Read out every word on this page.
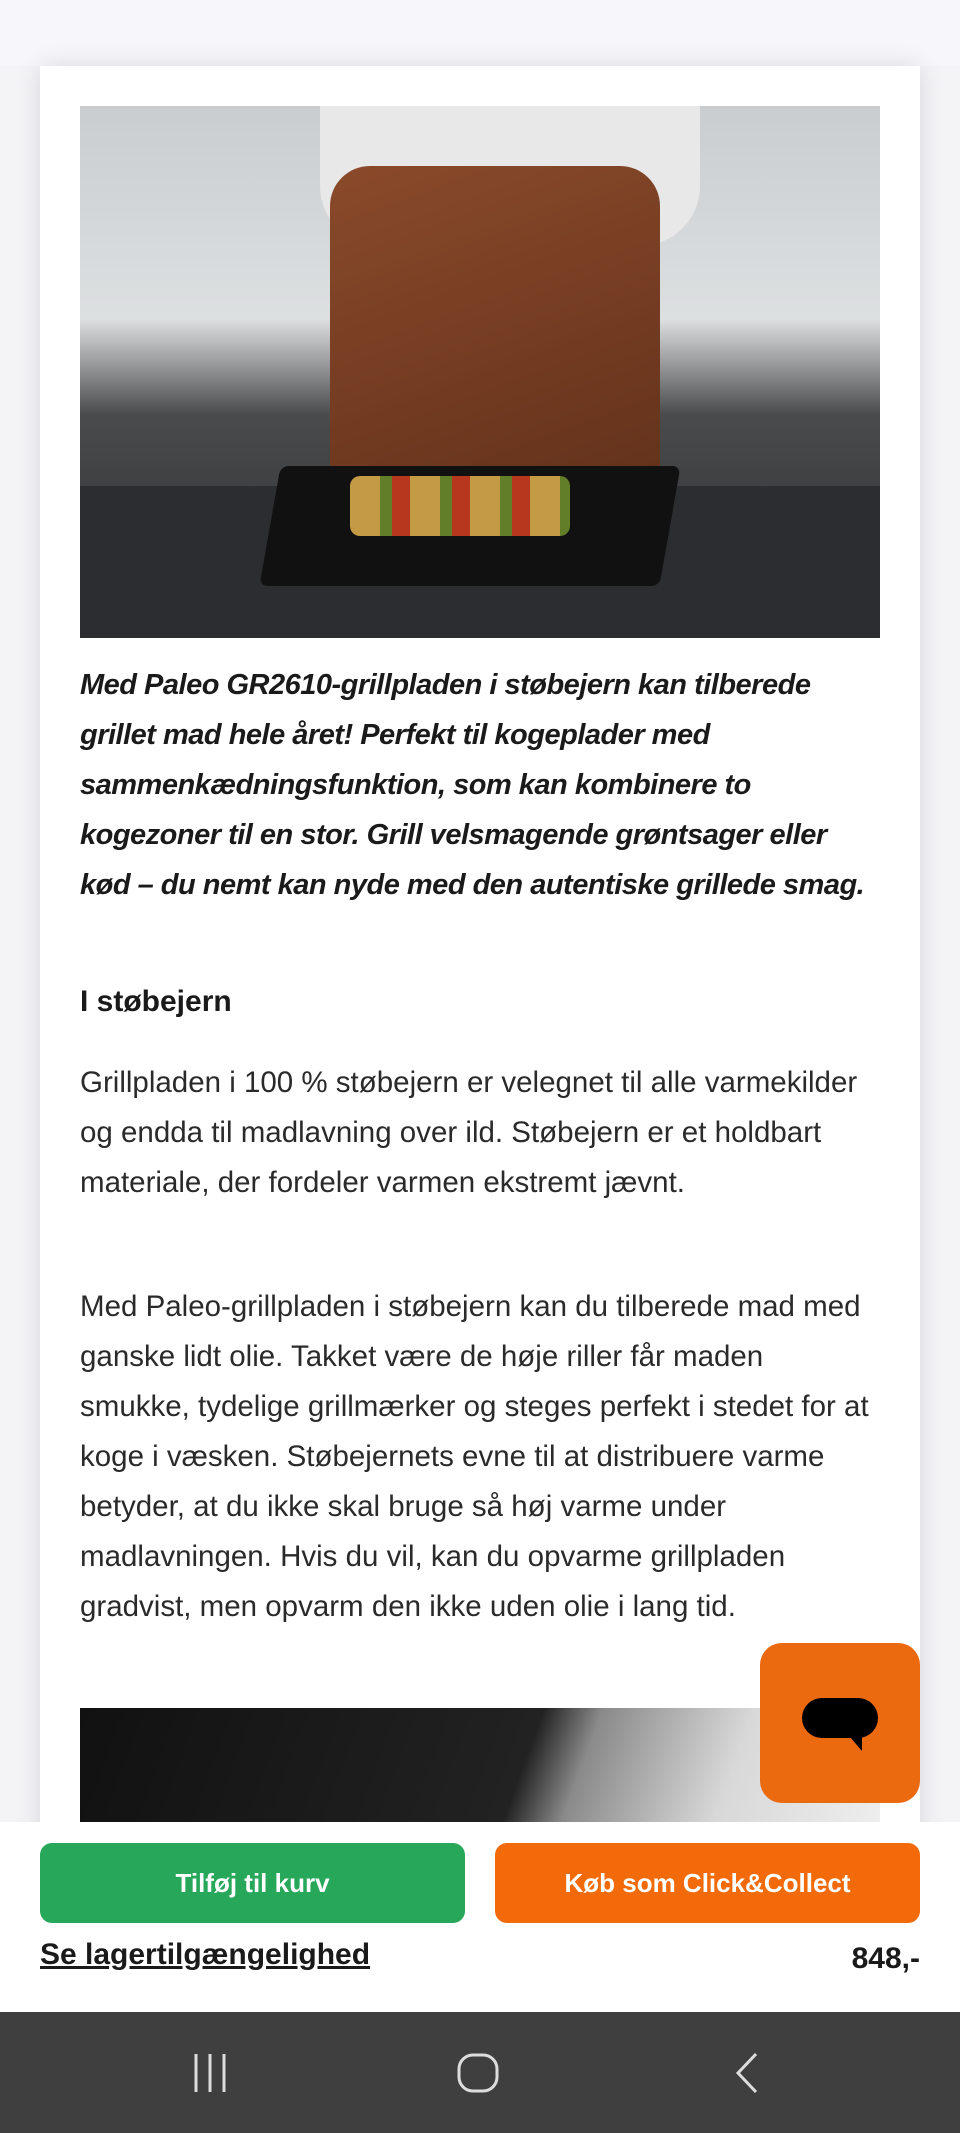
Med Paleo GR2610-grillpladen i støbejern kan tilberede grillet mad hele året! Perfekt til kogeplader med sammenkædningsfunktion, som kan kombinere to kogezoner til en stor. Grill velsmagende grøntsager eller kød – du nemt kan nyde med den autentiske grillede smag.

I støbejern

Grillpladen i 100 % støbejern er velegnet til alle varmekilder og endda til madlavning over ild. Støbejern er et holdbart materiale, der fordeler varmen ekstremt jævnt.

Med Paleo-grillpladen i støbejern kan du tilberede mad med ganske lidt olie. Takket være de høje riller får maden smukke, tydelige grillmærker og steges perfekt i stedet for at koge i væsken. Støbejernets evne til at distribuere varme betyder, at du ikke skal bruge så høj varme under madlavningen. Hvis du vil, kan du opvarme grillpladen gradvist, men opvarm den ikke uden olie i lang tid.

Tilføj til kurv	Køb som Click&Collect
Se lagertilgængelighed	848,-
